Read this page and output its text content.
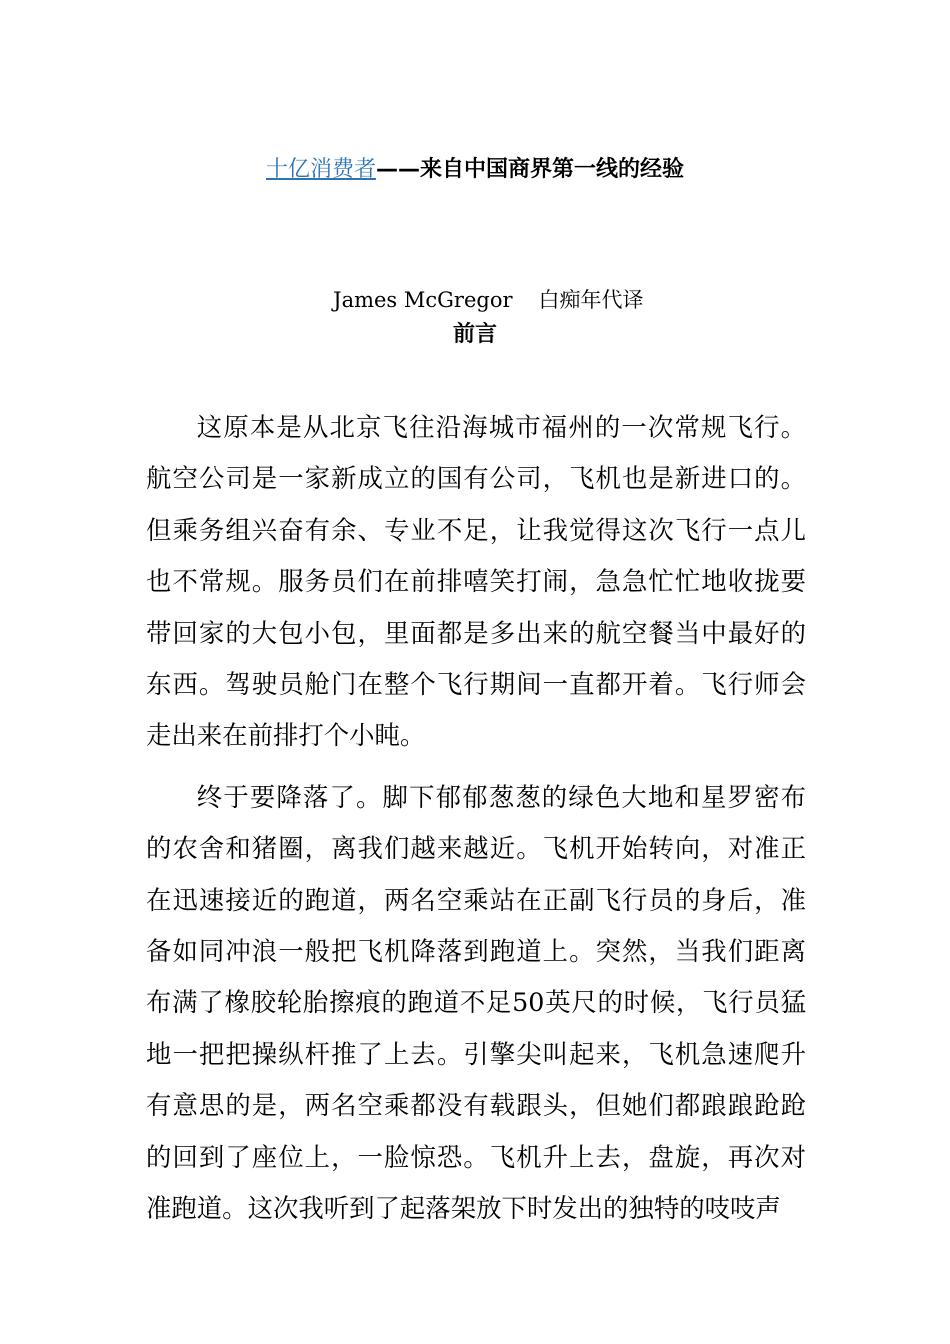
十亿消费者——来自中国商界第一线的经验

James McGregor 白痴年代译

前言

这原本是从北京飞往沿海城市福州的一次常规飞行。航空公司是一家新成立的国有公司，飞机也是新进口的。但乘务组兴奋有余、专业不足，让我觉得这次飞行一点儿也不常规。服务员们在前排嘻笑打闹，急急忙忙地收拢要带回家的大包小包，里面都是多出来的航空餐当中最好的东西。驾驶员舱门在整个飞行期间一直都开着。飞行师会走出来在前排打个小盹。

终于要降落了。脚下郁郁葱葱的绿色大地和星罗密布的农舍和猪圈，离我们越来越近。飞机开始转向，对准正在迅速接近的跑道，两名空乘站在正副飞行员的身后，准备如同冲浪一般把飞机降落到跑道上。突然，当我们距离布满了橡胶轮胎擦痕的跑道不足50英尺的时候，飞行员猛地一把把操纵杆推了上去。引擎尖叫起来，飞机急速爬升有意思的是，两名空乘都没有载跟头，但她们都踉踉跄跄的回到了座位上，一脸惊恐。飞机升上去，盘旋，再次对准跑道。这次我听到了起落架放下时发出的独特的吱吱声
